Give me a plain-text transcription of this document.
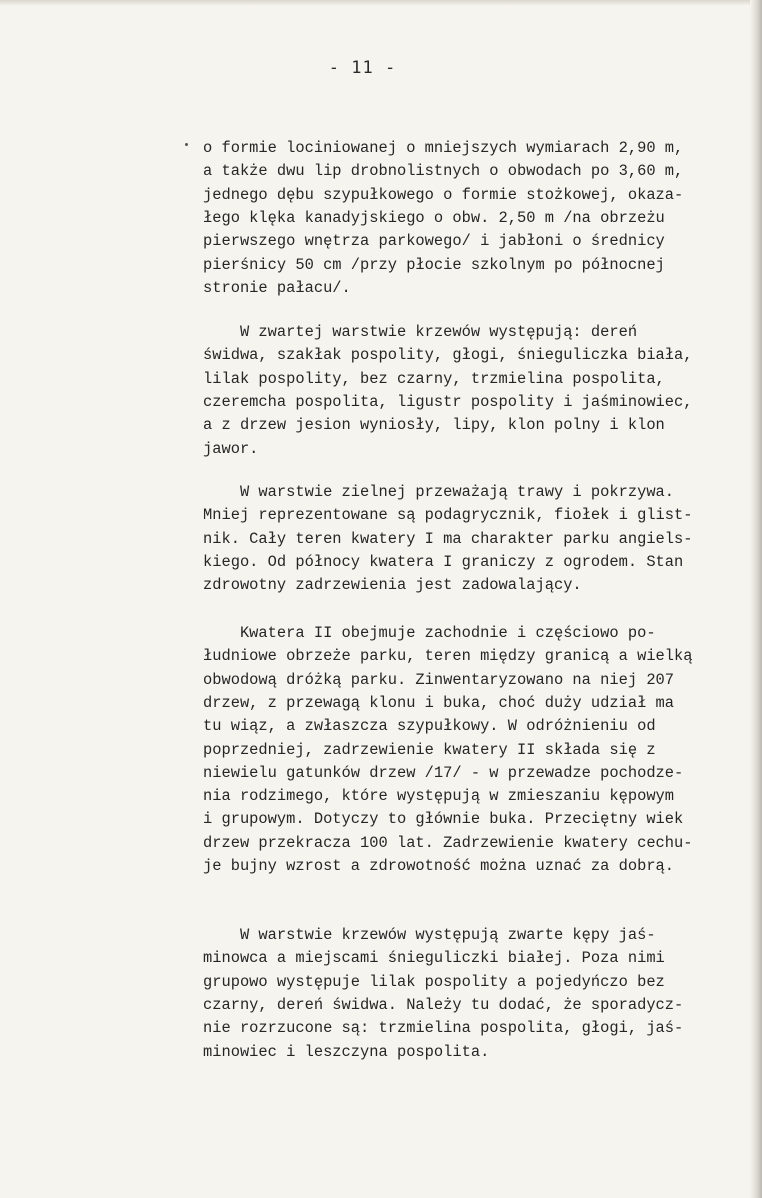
- 11 -
o formie lociniowanej o mniejszych wymiarach 2,90 m,
a także dwu lip drobnolistnych o obwodach po 3,60 m,
jednego dębu szypułkowego o formie stożkowej, okaza-
łego klęka kanadyjskiego o obw. 2,50 m /na obrzeżu
pierwszego wnętrza parkowego/ i jabłoni o średnicy
pierśnicy 50 cm /przy płocie szkolnym po północnej
stronie pałacu/.
W zwartej warstwie krzewów występują: dereń
świdwa, szakłak pospolity, głogi, śnieguliczka biała,
lilak pospolity, bez czarny, trzmielina pospolita,
czeremcha pospolita, ligustr pospolity i jaśminowiec,
a z drzew jesion wyniosły, lipy, klon polny i klon
jawor.
W warstwie zielnej przeważają trawy i pokrzywa.
Mniej reprezentowane są podagrycznik, fiołek i glist-
nik. Cały teren kwatery I ma charakter parku angiels-
kiego. Od północy kwatera I graniczy z ogrodem. Stan
zdrowotny zadrzewienia jest zadowalający.
Kwatera II obejmuje zachodnie i częściowo po-
łudniowe obrzeże parku, teren między granicą a wielką
obwodową dróżką parku. Zinwentaryzowano na niej 207
drzew, z przewagą klonu i buka, choć duży udział ma
tu wiąz, a zwłaszcza szypułkowy. W odróżnieniu od
poprzedniej, zadrzewienie kwatery II składa się z
niewielu gatunków drzew /17/ - w przewadze pochodze-
nia rodzimego, które występują w zmieszaniu kępowym
i grupowym. Dotyczy to głównie buka. Przeciętny wiek
drzew przekracza 100 lat. Zadrzewienie kwatery cechu-
je bujny wzrost a zdrowotność można uznać za dobrą.
W warstwie krzewów występują zwarte kępy jaś-
minowca a miejscami śnieguliczki białej. Poza nimi
grupowo występuje lilak pospolity a pojedyńczo bez
czarny, dereń świdwa. Należy tu dodać, że sporadycz-
nie rozrzucone są: trzmielina pospolita, głogi, jaś-
minowiec i leszczyna pospolita.
